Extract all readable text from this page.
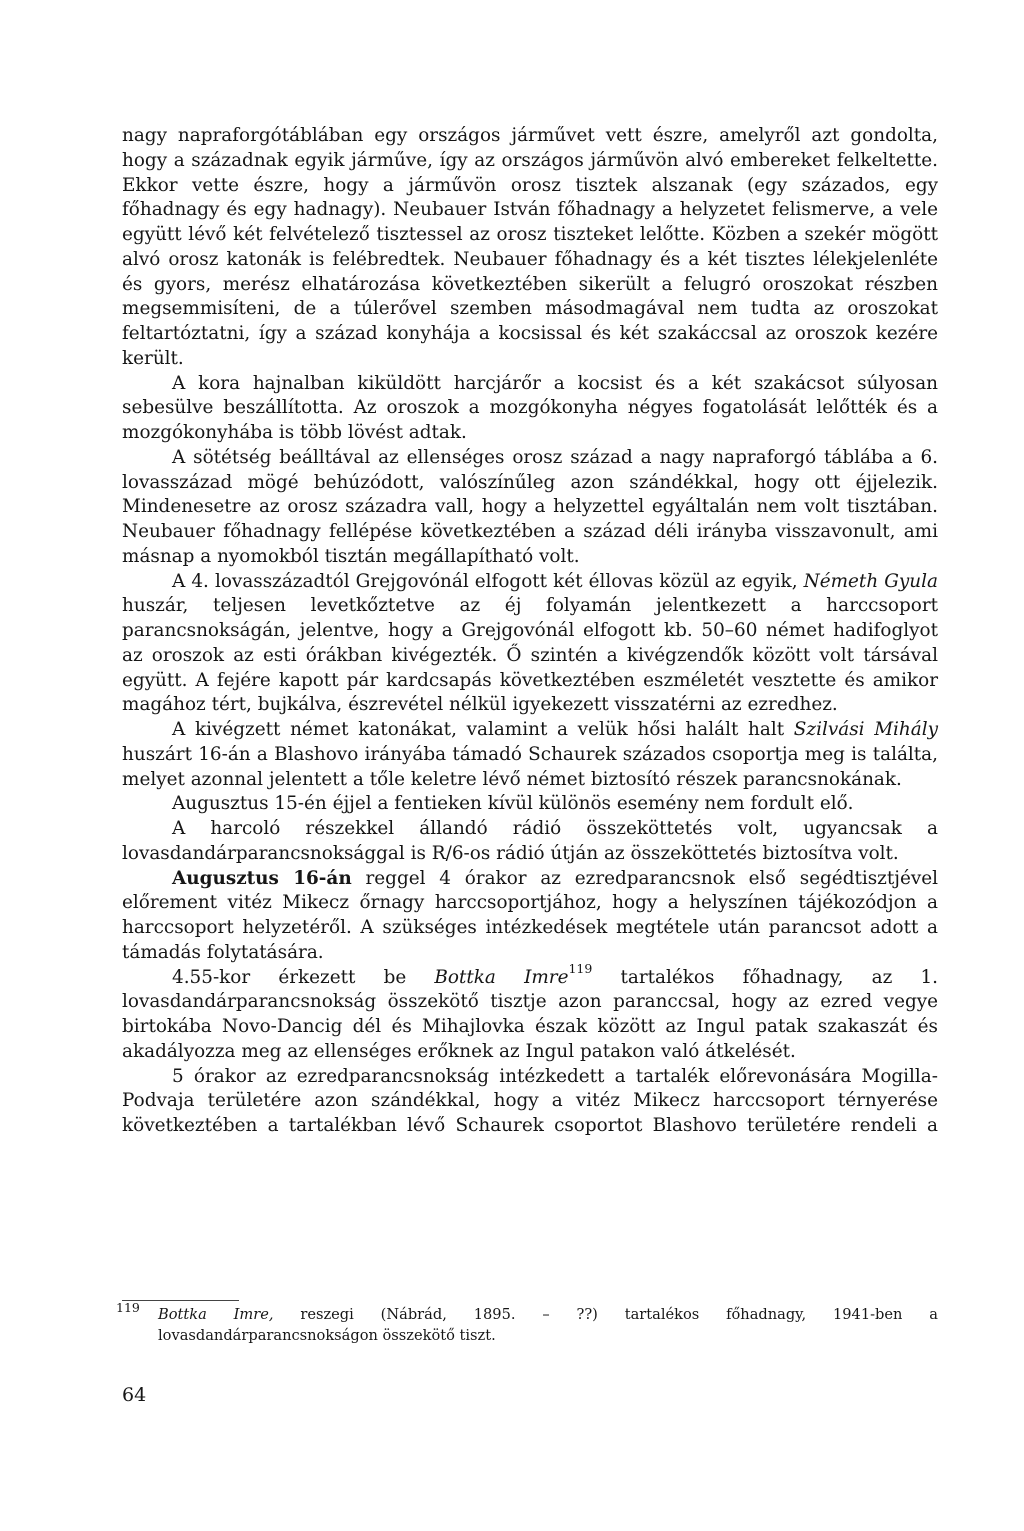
nagy napraforgótáblában egy országos járművet vett észre, amelyről azt gondolta, hogy a századnak egyik járműve, így az országos járművön alvó embereket felkeltette. Ekkor vette észre, hogy a járművön orosz tisztek alszanak (egy százados, egy főhadnagy és egy hadnagy). Neubauer István főhadnagy a helyzetet felismerve, a vele együtt lévő két felvételező tisztessel az orosz tiszteket lelőtte. Közben a szekér mögött alvó orosz katonák is felébredtek. Neubauer főhadnagy és a két tisztes lélekjelenléte és gyors, merész elhatározása következtében sikerült a felugró oroszokat részben megsemmisíteni, de a túlerővel szemben másodmagával nem tudta az oroszokat feltartóztatni, így a század konyhája a kocsissal és két szakáccsal az oroszok kezére került.

A kora hajnalban kiküldött harcjárőr a kocsist és a két szakácsot súlyosan sebesülve beszállította. Az oroszok a mozgókonyha négyes fogatolását lelőtték és a mozgókonyhába is több lövést adtak.

A sötétség beálltával az ellenséges orosz század a nagy napraforgó táblába a 6. lovasszázad mögé behúzódott, valószínűleg azon szándékkal, hogy ott éjjelezik. Mindenesetre az orosz századra vall, hogy a helyzettel egyáltalán nem volt tisztában. Neubauer főhadnagy fellépése következtében a század déli irányba visszavonult, ami másnap a nyomokból tisztán megállapítható volt.

A 4. lovasszázadtól Grejgovónál elfogott két éllovas közül az egyik, Németh Gyula huszár, teljesen levetkőztetve az éj folyamán jelentkezett a harccsoport parancsnokságán, jelentve, hogy a Grejgovónál elfogott kb. 50–60 német hadifoglyot az oroszok az esti órákban kivégezték. Ő szintén a kivégzendők között volt társával együtt. A fejére kapott pár kardcsapás következtében eszméletét vesztette és amikor magához tért, bujkálva, észrevétel nélkül igyekezett visszatérni az ezredhez.

A kivégzett német katonákat, valamint a velük hősi halált halt Szilvási Mihály huszárt 16-án a Blashovo irányába támadó Schaurek százados csoportja meg is találta, melyet azonnal jelentett a tőle keletre lévő német biztosító részek parancsnokának.

Augusztus 15-én éjjel a fentieken kívül különös esemény nem fordult elő.

A harcoló részekkel állandó rádió összeköttetés volt, ugyancsak a lovasdandárparancsnoksággal is R/6-os rádió útján az összeköttetés biztosítva volt.

Augusztus 16-án reggel 4 órakor az ezredparancsnok első segédtisztjével előrement vitéz Mikecz őrnagy harccsoportjához, hogy a helyszínen tájékozódjon a harccsoport helyzetéről. A szükséges intézkedések megtétele után parancsot adott a támadás folytatására.

4.55-kor érkezett be Bottka Imre$^{119}$ tartalékos főhadnagy, az 1. lovasdandárparancsnokság összekötő tisztje azon paranccsal, hogy az ezred vegye birtokába Novo-Dancig dél és Mihajlovka észak között az Ingul patak szakaszát és akadályozza meg az ellenséges erőknek az Ingul patakon való átkelését.

5 órakor az ezredparancsnokság intézkedett a tartalék előrevonására Mogilla-Podvaja területére azon szándékkal, hogy a vitéz Mikecz harccsoport térnyerése következtében a tartalékban lévő Schaurek csoportot Blashovo területére rendeli a

119	Bottka Imre, reszegi (Nábrád, 1895. – ??) tartalékos főhadnagy, 1941-ben a lovasdandárparancsnokságon összekötő tiszt.
64
